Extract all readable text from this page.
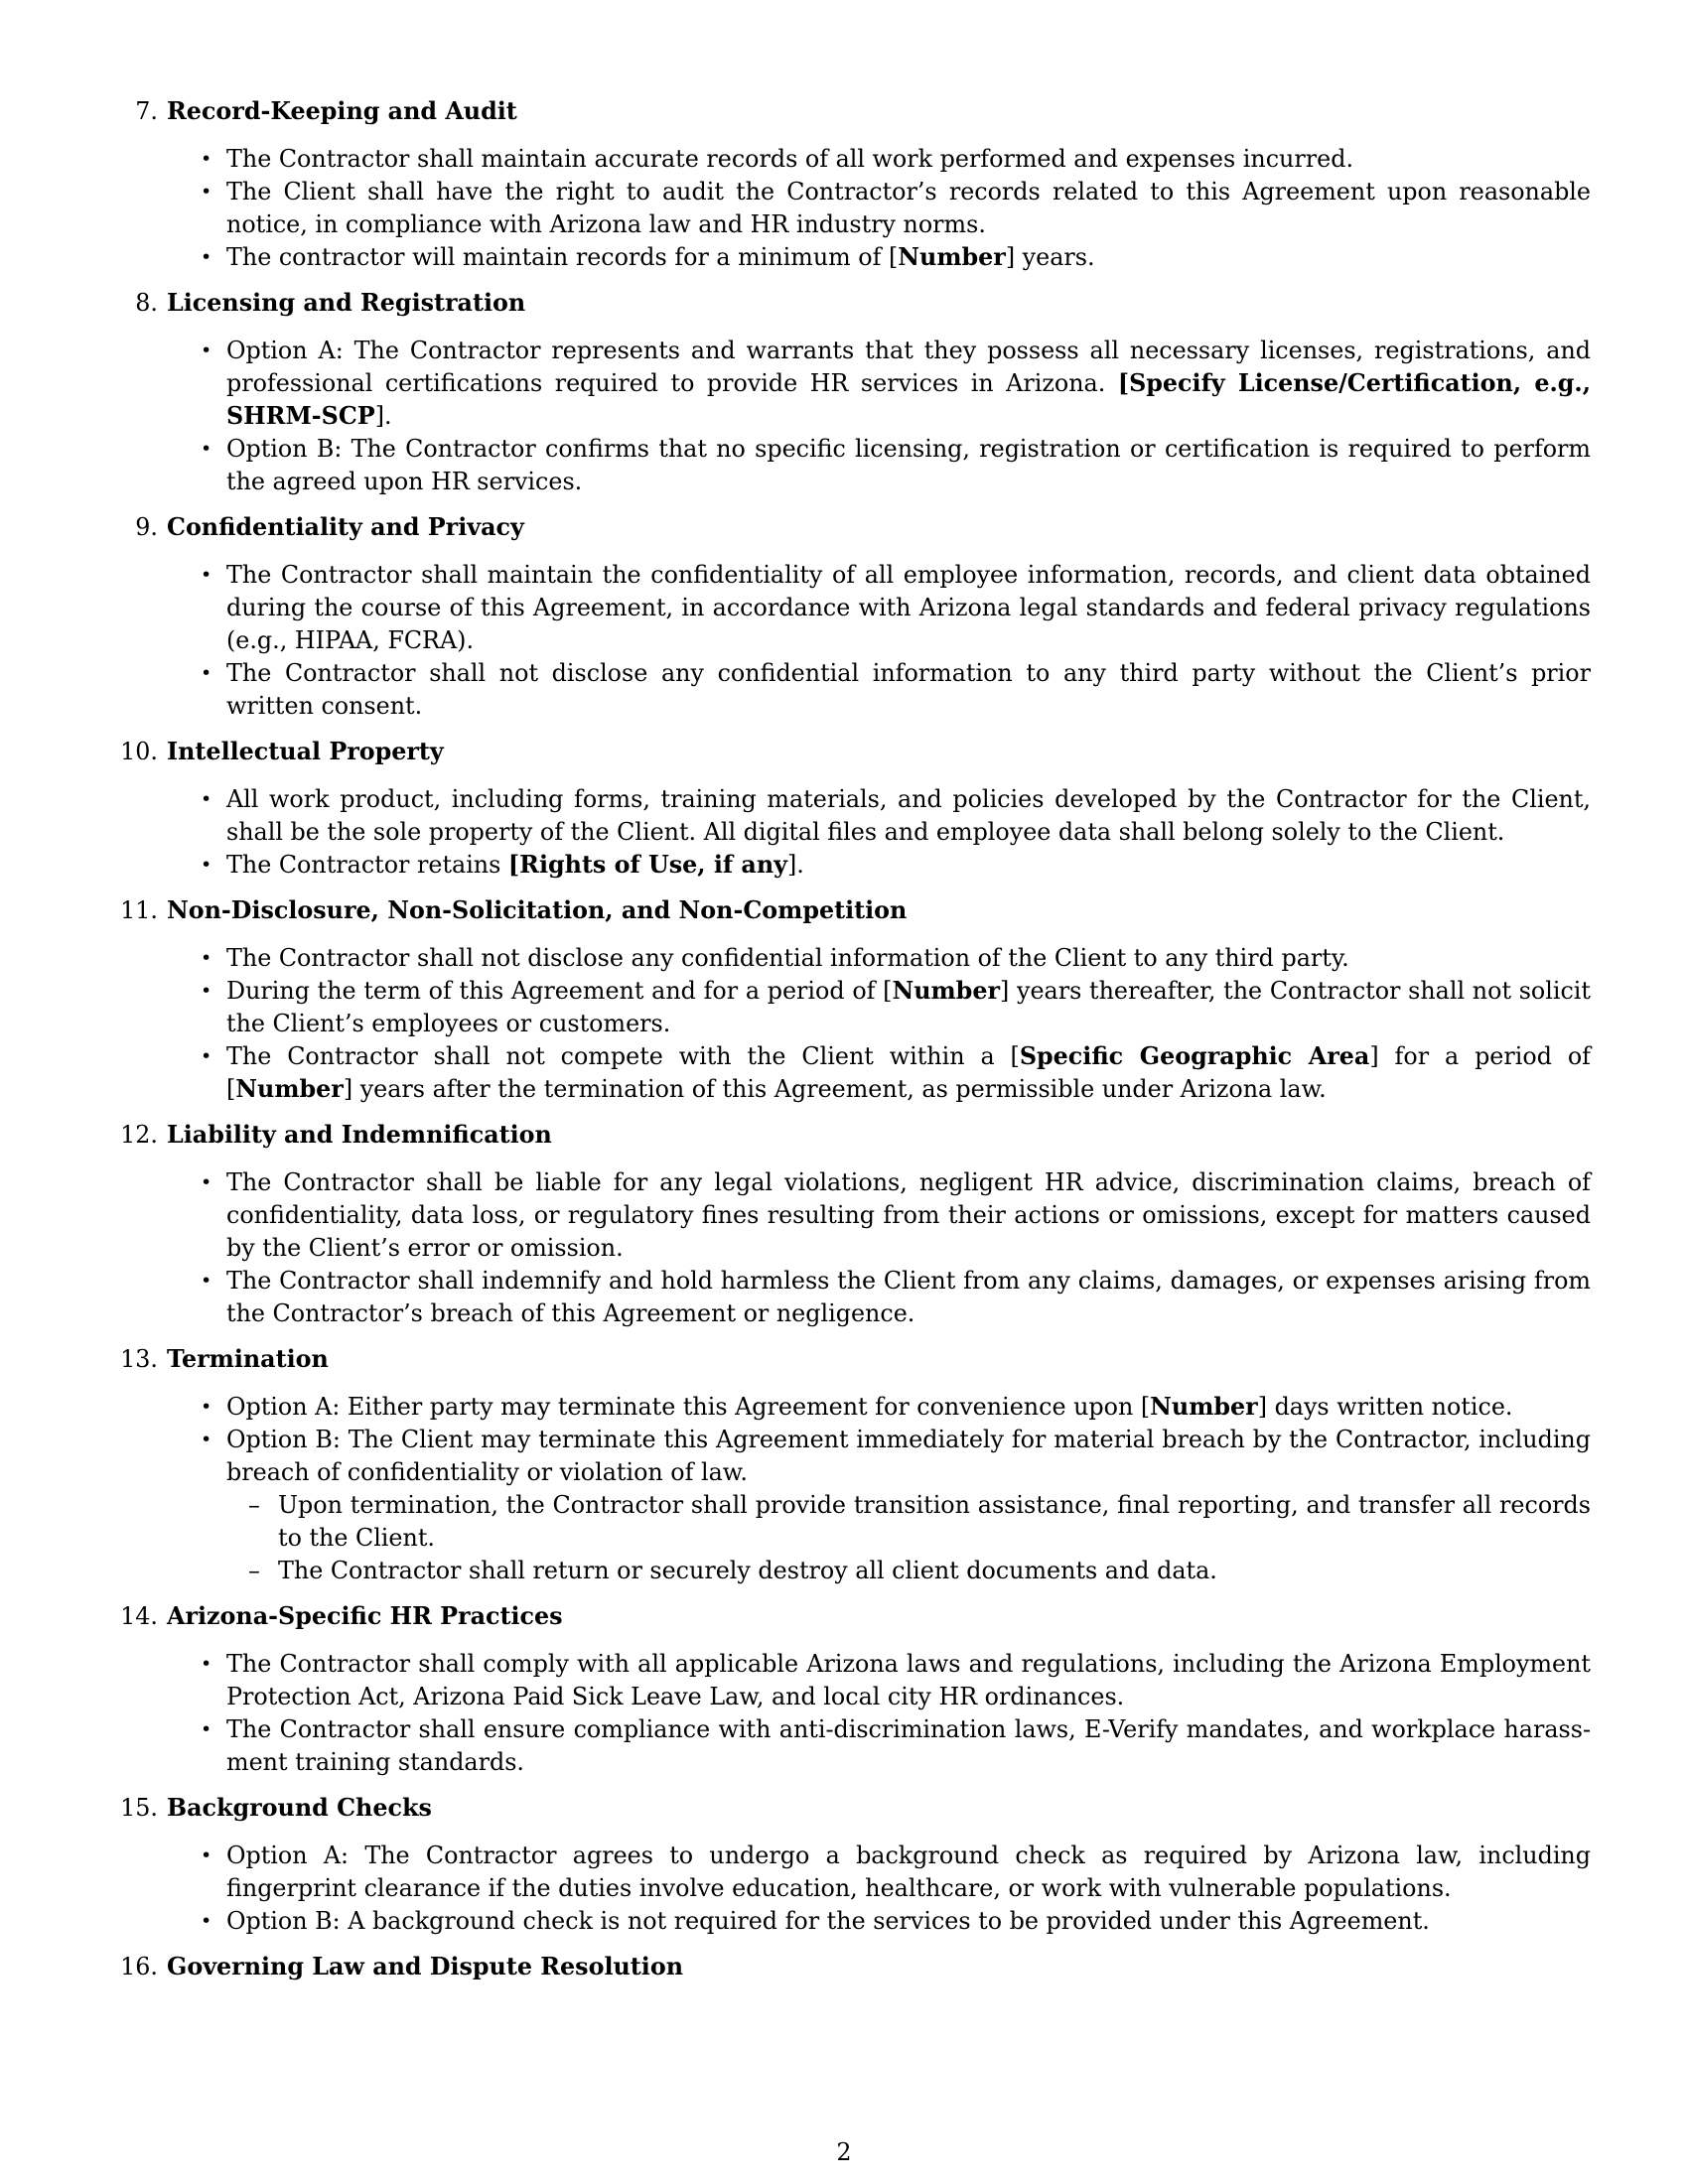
7. Record-Keeping and Audit
• The Contractor shall maintain accurate records of all work performed and expenses incurred.
• The Client shall have the right to audit the Contractor’s records related to this Agreement upon reasonable notice, in compliance with Arizona law and HR industry norms.
• The contractor will maintain records for a minimum of [Number] years.
8. Licensing and Registration
• Option A: The Contractor represents and warrants that they possess all necessary licenses, registrations, and professional certifications required to provide HR services in Arizona. [Specify License/Certification, e.g., SHRM-SCP].
• Option B: The Contractor confirms that no specific licensing, registration or certification is required to perform the agreed upon HR services.
9. Confidentiality and Privacy
• The Contractor shall maintain the confidentiality of all employee information, records, and client data obtained during the course of this Agreement, in accordance with Arizona legal standards and federal privacy regulations (e.g., HIPAA, FCRA).
• The Contractor shall not disclose any confidential information to any third party without the Client’s prior written consent.
10. Intellectual Property
• All work product, including forms, training materials, and policies developed by the Contractor for the Client, shall be the sole property of the Client. All digital files and employee data shall belong solely to the Client.
• The Contractor retains [Rights of Use, if any].
11. Non-Disclosure, Non-Solicitation, and Non-Competition
• The Contractor shall not disclose any confidential information of the Client to any third party.
• During the term of this Agreement and for a period of [Number] years thereafter, the Contractor shall not solicit the Client’s employees or customers.
• The Contractor shall not compete with the Client within a [Specific Geographic Area] for a period of [Number] years after the termination of this Agreement, as permissible under Arizona law.
12. Liability and Indemnification
• The Contractor shall be liable for any legal violations, negligent HR advice, discrimination claims, breach of confidentiality, data loss, or regulatory fines resulting from their actions or omissions, except for matters caused by the Client’s error or omission.
• The Contractor shall indemnify and hold harmless the Client from any claims, damages, or expenses arising from the Contractor’s breach of this Agreement or negligence.
13. Termination
• Option A: Either party may terminate this Agreement for convenience upon [Number] days written notice.
• Option B: The Client may terminate this Agreement immediately for material breach by the Contractor, including breach of confidentiality or violation of law.
– Upon termination, the Contractor shall provide transition assistance, final reporting, and transfer all records to the Client.
– The Contractor shall return or securely destroy all client documents and data.
14. Arizona-Specific HR Practices
• The Contractor shall comply with all applicable Arizona laws and regulations, including the Arizona Employment Protection Act, Arizona Paid Sick Leave Law, and local city HR ordinances.
• The Contractor shall ensure compliance with anti-discrimination laws, E-Verify mandates, and workplace harass-ment training standards.
15. Background Checks
• Option A: The Contractor agrees to undergo a background check as required by Arizona law, including fingerprint clearance if the duties involve education, healthcare, or work with vulnerable populations.
• Option B: A background check is not required for the services to be provided under this Agreement.
16. Governing Law and Dispute Resolution
2
